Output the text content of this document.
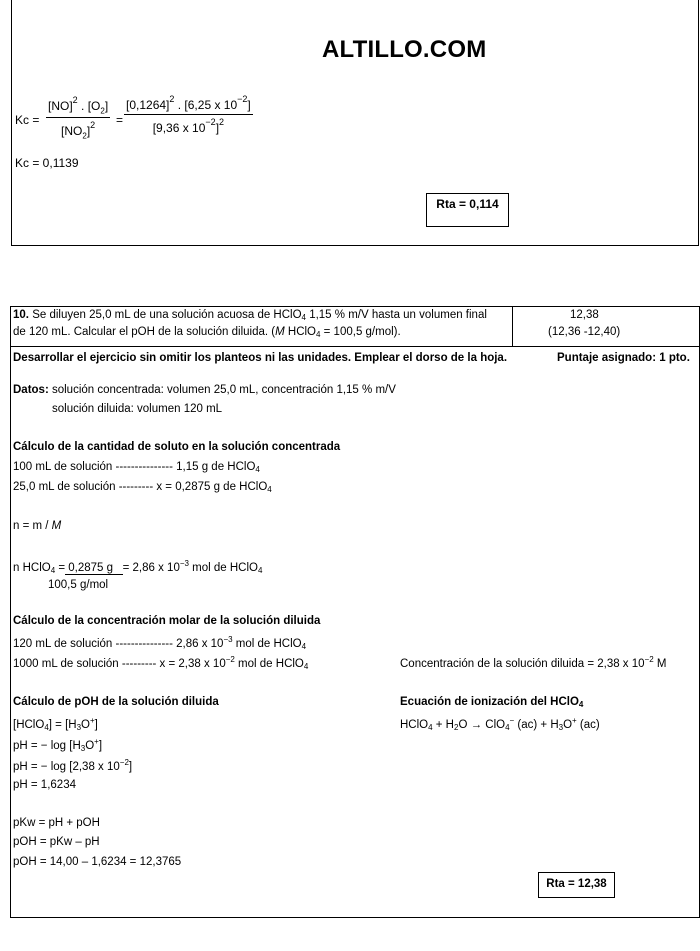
ALTILLO.COM
$Kc = \frac{[NO]^2 . [O_2]}{[NO_2]^2} = \frac{[0,1264]^2 . [6,25 x 10^{-2}]}{[9,36 x 10^{-2}]^2}$
Kc = 0,1139
Rta = 0,114
10. Se diluyen 25,0 mL de una solución acuosa de HClO$_4$ 1,15 % m/V hasta un volumen final
de 120 mL. Calcular el pOH de la solución diluida. (M HClO$_4$ = 100,5 g/mol).
12,38
(12,36 -12,40)
Desarrollar el ejercicio sin omitir los planteos ni las unidades. Emplear el dorso de la hoja.	Puntaje asignado: 1 pto.
Datos: solución concentrada: volumen 25,0 mL, concentración 1,15 % m/V
solución diluida: volumen 120 mL
Cálculo de la cantidad de soluto en la solución concentrada
100 mL de solución --------------- 1,15 g de HClO$_4$
25,0 mL de solución --------- x = 0,2875 g de HClO$_4$
n = m / M
n HClO$_4$ = 0,2875 g   = 2,86 x $10^{-3}$ mol de HClO$_4$
100,5 g/mol
Cálculo de la concentración molar de la solución diluida
120 mL de solución --------------- 2,86 x $10^{-3}$ mol de HClO$_4$
1000 mL de solución --------- x = 2,38 x $10^{-2}$ mol de HClO$_4$	Concentración de la solución diluida = 2,38 x $10^{-2}$ M
Cálculo de pOH de la solución diluida
[HClO$_4$] = $[H_3O^+]$
pH = − $\log [H_3O^+]$
pH = − log [2,38 x $10^{-2}$]
pH = 1,6234
Ecuación de ionización del HClO$_4$
HClO$_4$ + $H_2O \to ClO_4^-$ $(ac) + H_3O^+$ (ac)
pKw = pH + pOH
pOH = pKw – pH
pOH = 14,00 – 1,6234 = 12,3765
Rta = 12,38
